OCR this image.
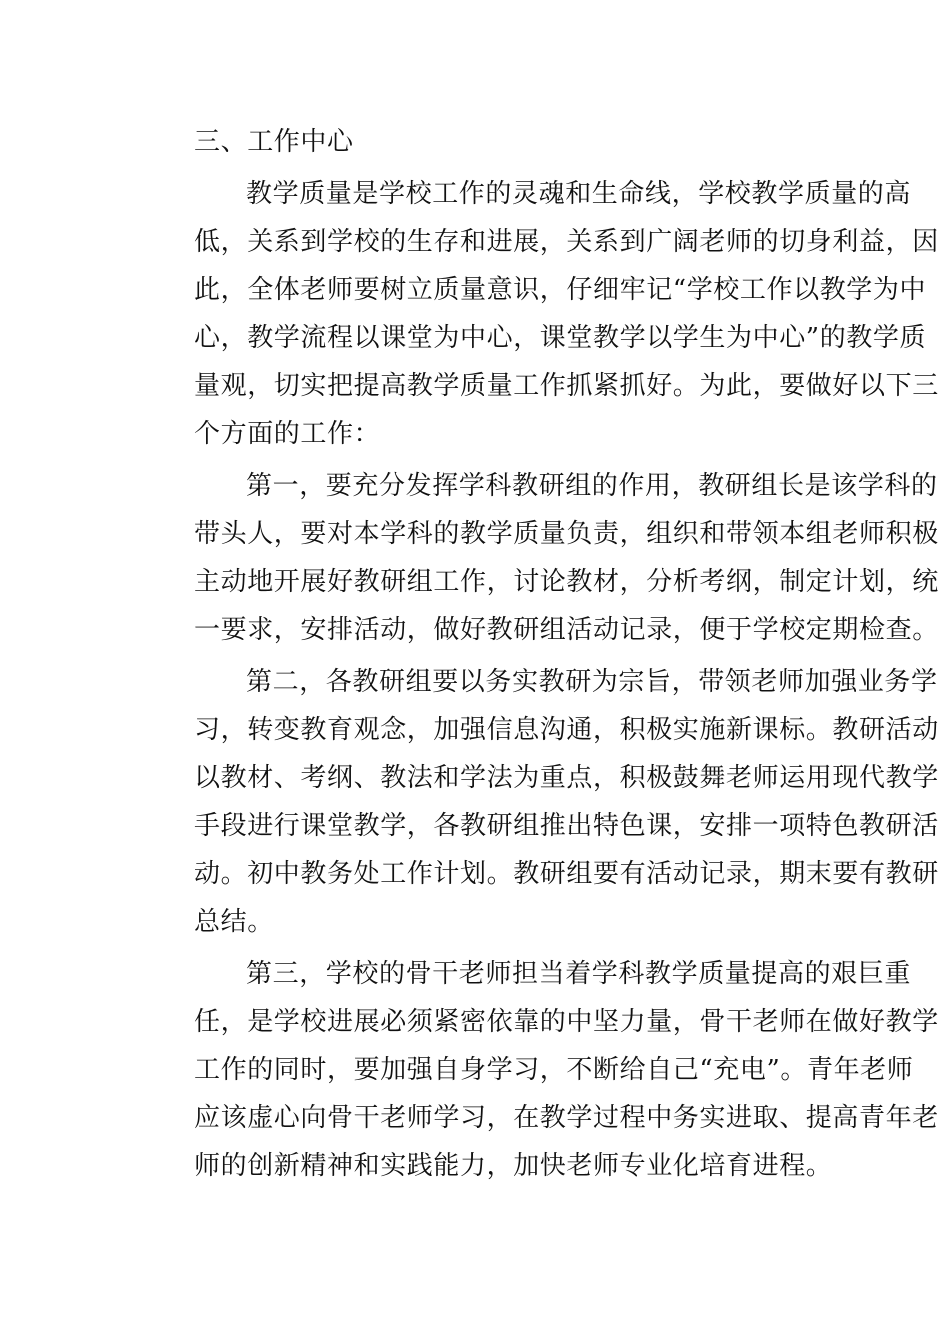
三、工作中心
教学质量是学校工作的灵魂和生命线，学校教学质量的高
低，关系到学校的生存和进展，关系到广阔老师的切身利益，因
此，全体老师要树立质量意识，仔细牢记“学校工作以教学为中
心，教学流程以课堂为中心，课堂教学以学生为中心”的教学质
量观，切实把提高教学质量工作抓紧抓好。为此，要做好以下三
个方面的工作：
第一，要充分发挥学科教研组的作用，教研组长是该学科的
带头人，要对本学科的教学质量负责，组织和带领本组老师积极
主动地开展好教研组工作，讨论教材，分析考纲，制定计划，统
一要求，安排活动，做好教研组活动记录，便于学校定期检查。
第二，各教研组要以务实教研为宗旨，带领老师加强业务学
习，转变教育观念，加强信息沟通，积极实施新课标。教研活动
以教材、考纲、教法和学法为重点，积极鼓舞老师运用现代教学
手段进行课堂教学，各教研组推出特色课，安排一项特色教研活
动。初中教务处工作计划。教研组要有活动记录，期末要有教研
总结。
第三，学校的骨干老师担当着学科教学质量提高的艰巨重
任，是学校进展必须紧密依靠的中坚力量，骨干老师在做好教学
工作的同时，要加强自身学习，不断给自己“充电”。青年老师
应该虚心向骨干老师学习，在教学过程中务实进取、提高青年老
师的创新精神和实践能力，加快老师专业化培育进程。
